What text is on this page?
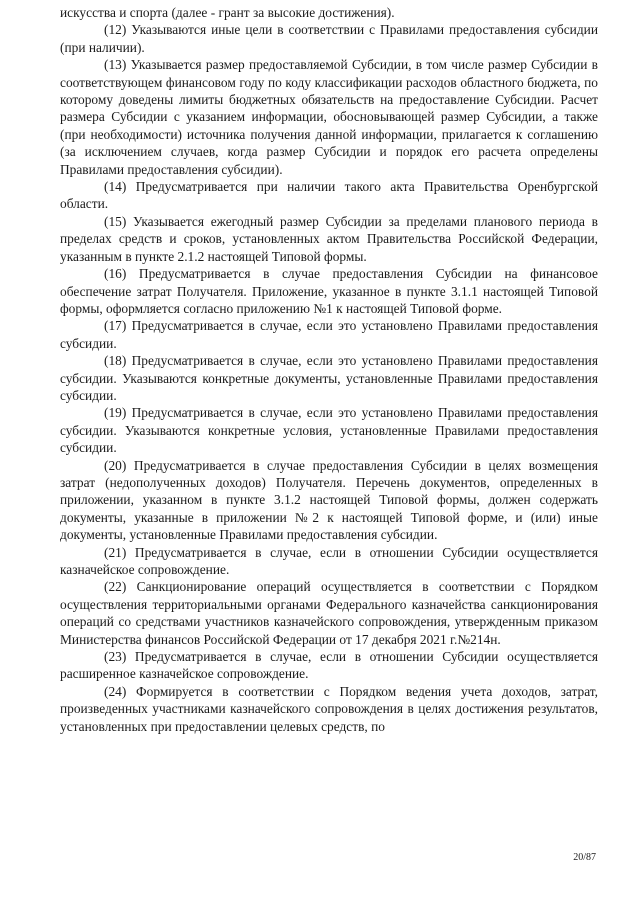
искусства и спорта (далее - грант за высокие достижения).

(12) Указываются иные цели в соответствии с Правилами предоставления субсидии (при наличии).

(13) Указывается размер предоставляемой Субсидии, в том числе размер Субсидии в соответствующем финансовом году по коду классификации расходов областного бюджета, по которому доведены лимиты бюджетных обязательств на предоставление Субсидии. Расчет размера Субсидии с указанием информации, обосновывающей размер Субсидии, а также (при необходимости) источника получения данной информации, прилагается к соглашению (за исключением случаев, когда размер Субсидии и порядок его расчета определены Правилами предоставления субсидии).

(14) Предусматривается при наличии такого акта Правительства Оренбургской области.

(15) Указывается ежегодный размер Субсидии за пределами планового периода в пределах средств и сроков, установленных актом Правительства Российской Федерации, указанным в пункте 2.1.2 настоящей Типовой формы.

(16) Предусматривается в случае предоставления Субсидии на финансовое обеспечение затрат Получателя. Приложение, указанное в пункте 3.1.1 настоящей Типовой формы, оформляется согласно приложению №1 к настоящей Типовой форме.

(17) Предусматривается в случае, если это установлено Правилами предоставления субсидии.

(18) Предусматривается в случае, если это установлено Правилами предоставления субсидии. Указываются конкретные документы, установленные Правилами предоставления субсидии.

(19) Предусматривается в случае, если это установлено Правилами предоставления субсидии. Указываются конкретные условия, установленные Правилами предоставления субсидии.

(20) Предусматривается в случае предоставления Субсидии в целях возмещения затрат (недополученных доходов) Получателя. Перечень документов, определенных в приложении, указанном в пункте 3.1.2 настоящей Типовой формы, должен содержать документы, указанные в приложении №2 к настоящей Типовой форме, и (или) иные документы, установленные Правилами предоставления субсидии.

(21) Предусматривается в случае, если в отношении Субсидии осуществляется казначейское сопровождение.

(22) Санкционирование операций осуществляется в соответствии с Порядком осуществления территориальными органами Федерального казначейства санкционирования операций со средствами участников казначейского сопровождения, утвержденным приказом Министерства финансов Российской Федерации от 17 декабря 2021 г.№214н.

(23) Предусматривается в случае, если в отношении Субсидии осуществляется расширенное казначейское сопровождение.

(24) Формируется в соответствии с Порядком ведения учета доходов, затрат, произведенных участниками казначейского сопровождения в целях достижения результатов, установленных при предоставлении целевых средств, по

20/87
